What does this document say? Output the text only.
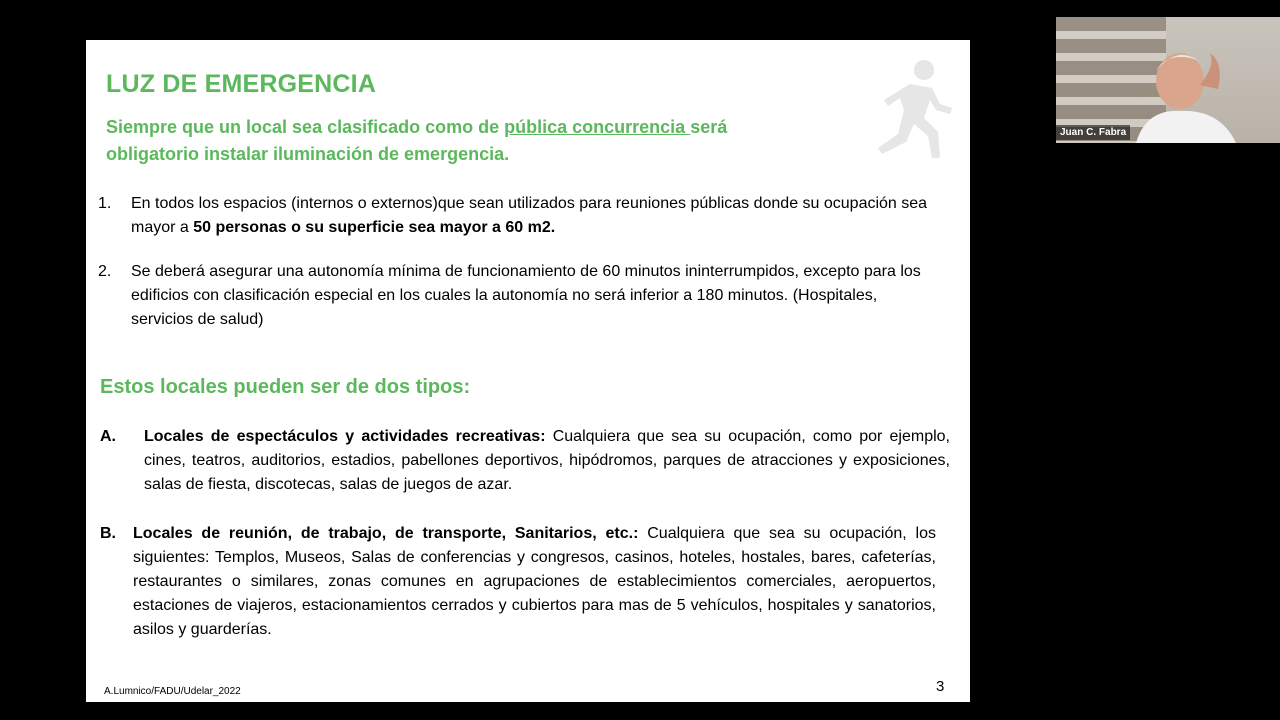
LUZ DE EMERGENCIA
Siempre que un local sea clasificado como de pública concurrencia será obligatorio instalar iluminación de emergencia.
1. En todos los espacios (internos o externos)que sean utilizados para reuniones públicas donde su ocupación sea mayor a 50 personas o su superficie sea mayor a 60 m2.
2. Se deberá asegurar una autonomía mínima de funcionamiento de 60 minutos ininterrumpidos, excepto para los edificios con clasificación especial en los cuales la autonomía no será inferior a 180 minutos. (Hospitales, servicios de salud)
Estos locales pueden ser de dos tipos:
A. Locales de espectáculos y actividades recreativas: Cualquiera que sea su ocupación, como por ejemplo, cines, teatros, auditorios, estadios, pabellones deportivos, hipódromos, parques de atracciones y exposiciones, salas de fiesta, discotecas, salas de juegos de azar.
B. Locales de reunión, de trabajo, de transporte, Sanitarios, etc.: Cualquiera que sea su ocupación, los siguientes: Templos, Museos, Salas de conferencias y congresos, casinos, hoteles, hostales, bares, cafeterías, restaurantes o similares, zonas comunes en agrupaciones de establecimientos comerciales, aeropuertos, estaciones de viajeros, estacionamientos cerrados y cubiertos para mas de 5 vehículos, hospitales y sanatorios, asilos y guarderías.
A.Lumnico/FADU/Udelar_2022	3
Juan C. Fabra
